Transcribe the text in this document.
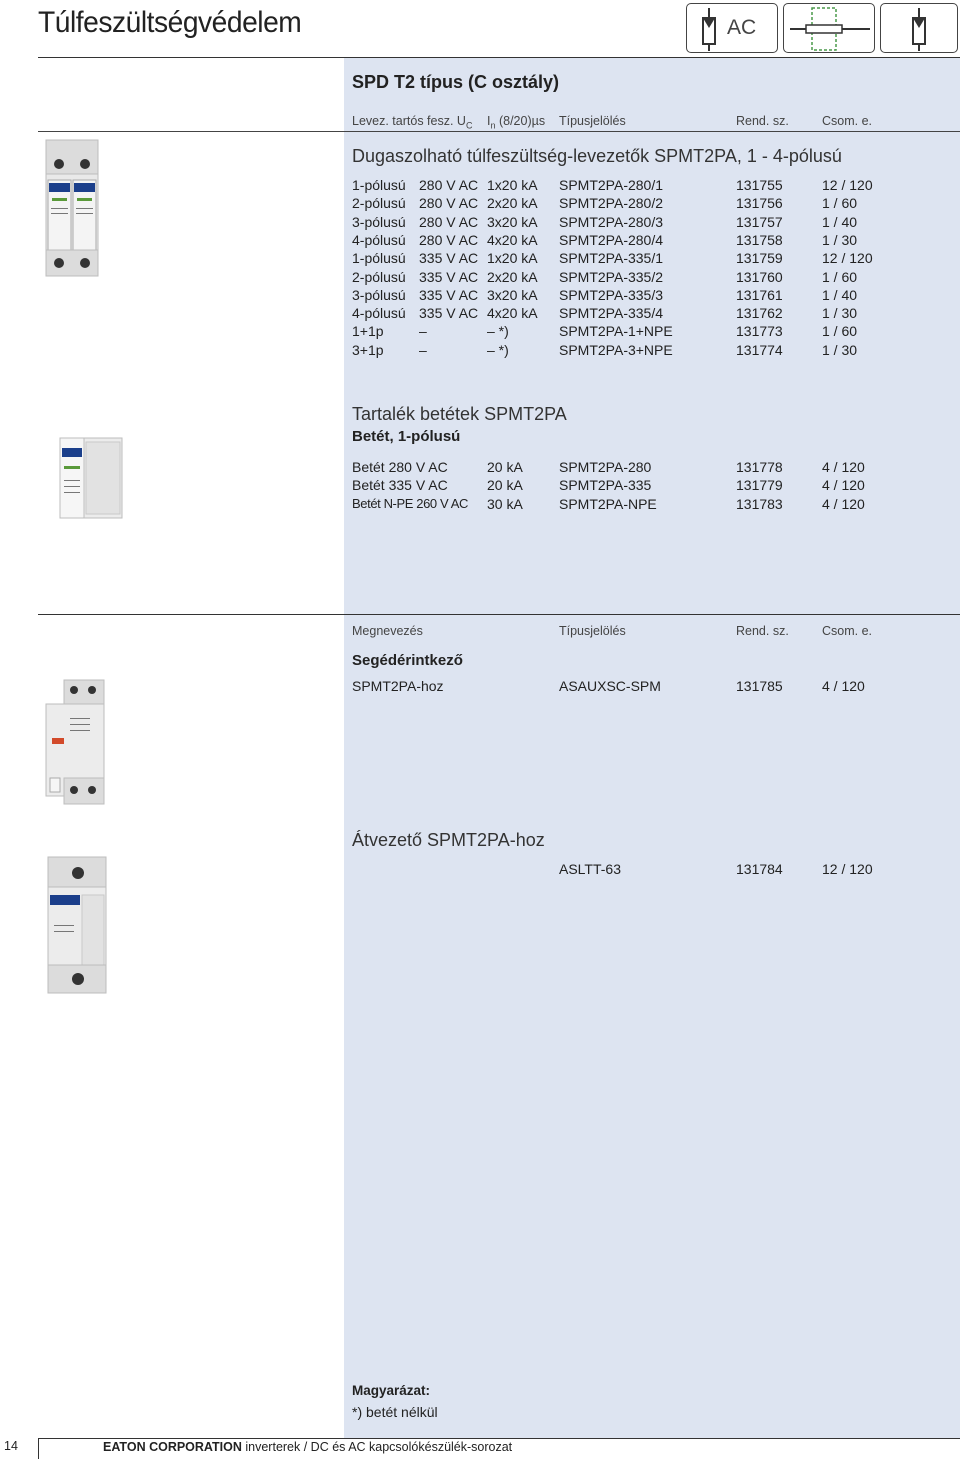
Túlfeszültségvédelem	AC
SPD T2 típus (C osztály)
Levez. tartós fesz. $U_C$ $I_n$ (8/20)µs Típusjelölés	Rend. sz.	Csom. e.
Dugaszolható túlfeszültség-levezetők SPMT2PA, 1 - 4-pólusú
1-pólusú 280 V AC 1x20 kA SPMT2PA-280/1	131755	12 / 120
2-pólusú 280 V AC 2x20 kA SPMT2PA-280/2	131756	1 / 60
3-pólusú 280 V AC 3x20 kA SPMT2PA-280/3	131757	1 / 40
4-pólusú 280 V AC 4x20 kA SPMT2PA-280/4	131758	1 / 30
1-pólusú 335 V AC 1x20 kA SPMT2PA-335/1	131759	12 / 120
2-pólusú 335 V AC 2x20 kA SPMT2PA-335/2	131760	1 / 60
3-pólusú 335 V AC 3x20 kA SPMT2PA-335/3	131761	1 / 40
4-pólusú 335 V AC 4x20 kA SPMT2PA-335/4	131762	1 / 30
1+1p	–	– *)	SPMT2PA-1+NPE	131773	1 / 60
3+1p	–	– *)	SPMT2PA-3+NPE	131774	1 / 30
Tartalék betétek SPMT2PA
Betét, 1-pólusú
Betét 280 V AC	20 kA	SPMT2PA-280	131778	4 / 120
Betét 335 V AC	20 kA	SPMT2PA-335	131779	4 / 120
Betét N-PE 260 V AC 30 kA	SPMT2PA-NPE	131783	4 / 120
Megnevezés	Típusjelölés	Rend. sz.	Csom. e.
Segédérintkező
SPMT2PA-hoz	ASAUXSC-SPM	131785	4 / 120
Átvezető SPMT2PA-hoz
ASLTT-63	131784	12 / 120
Magyarázat:
*) betét nélkül
14	EATON CORPORATION inverterek / DC és AC kapcsolókészülék-sorozat
